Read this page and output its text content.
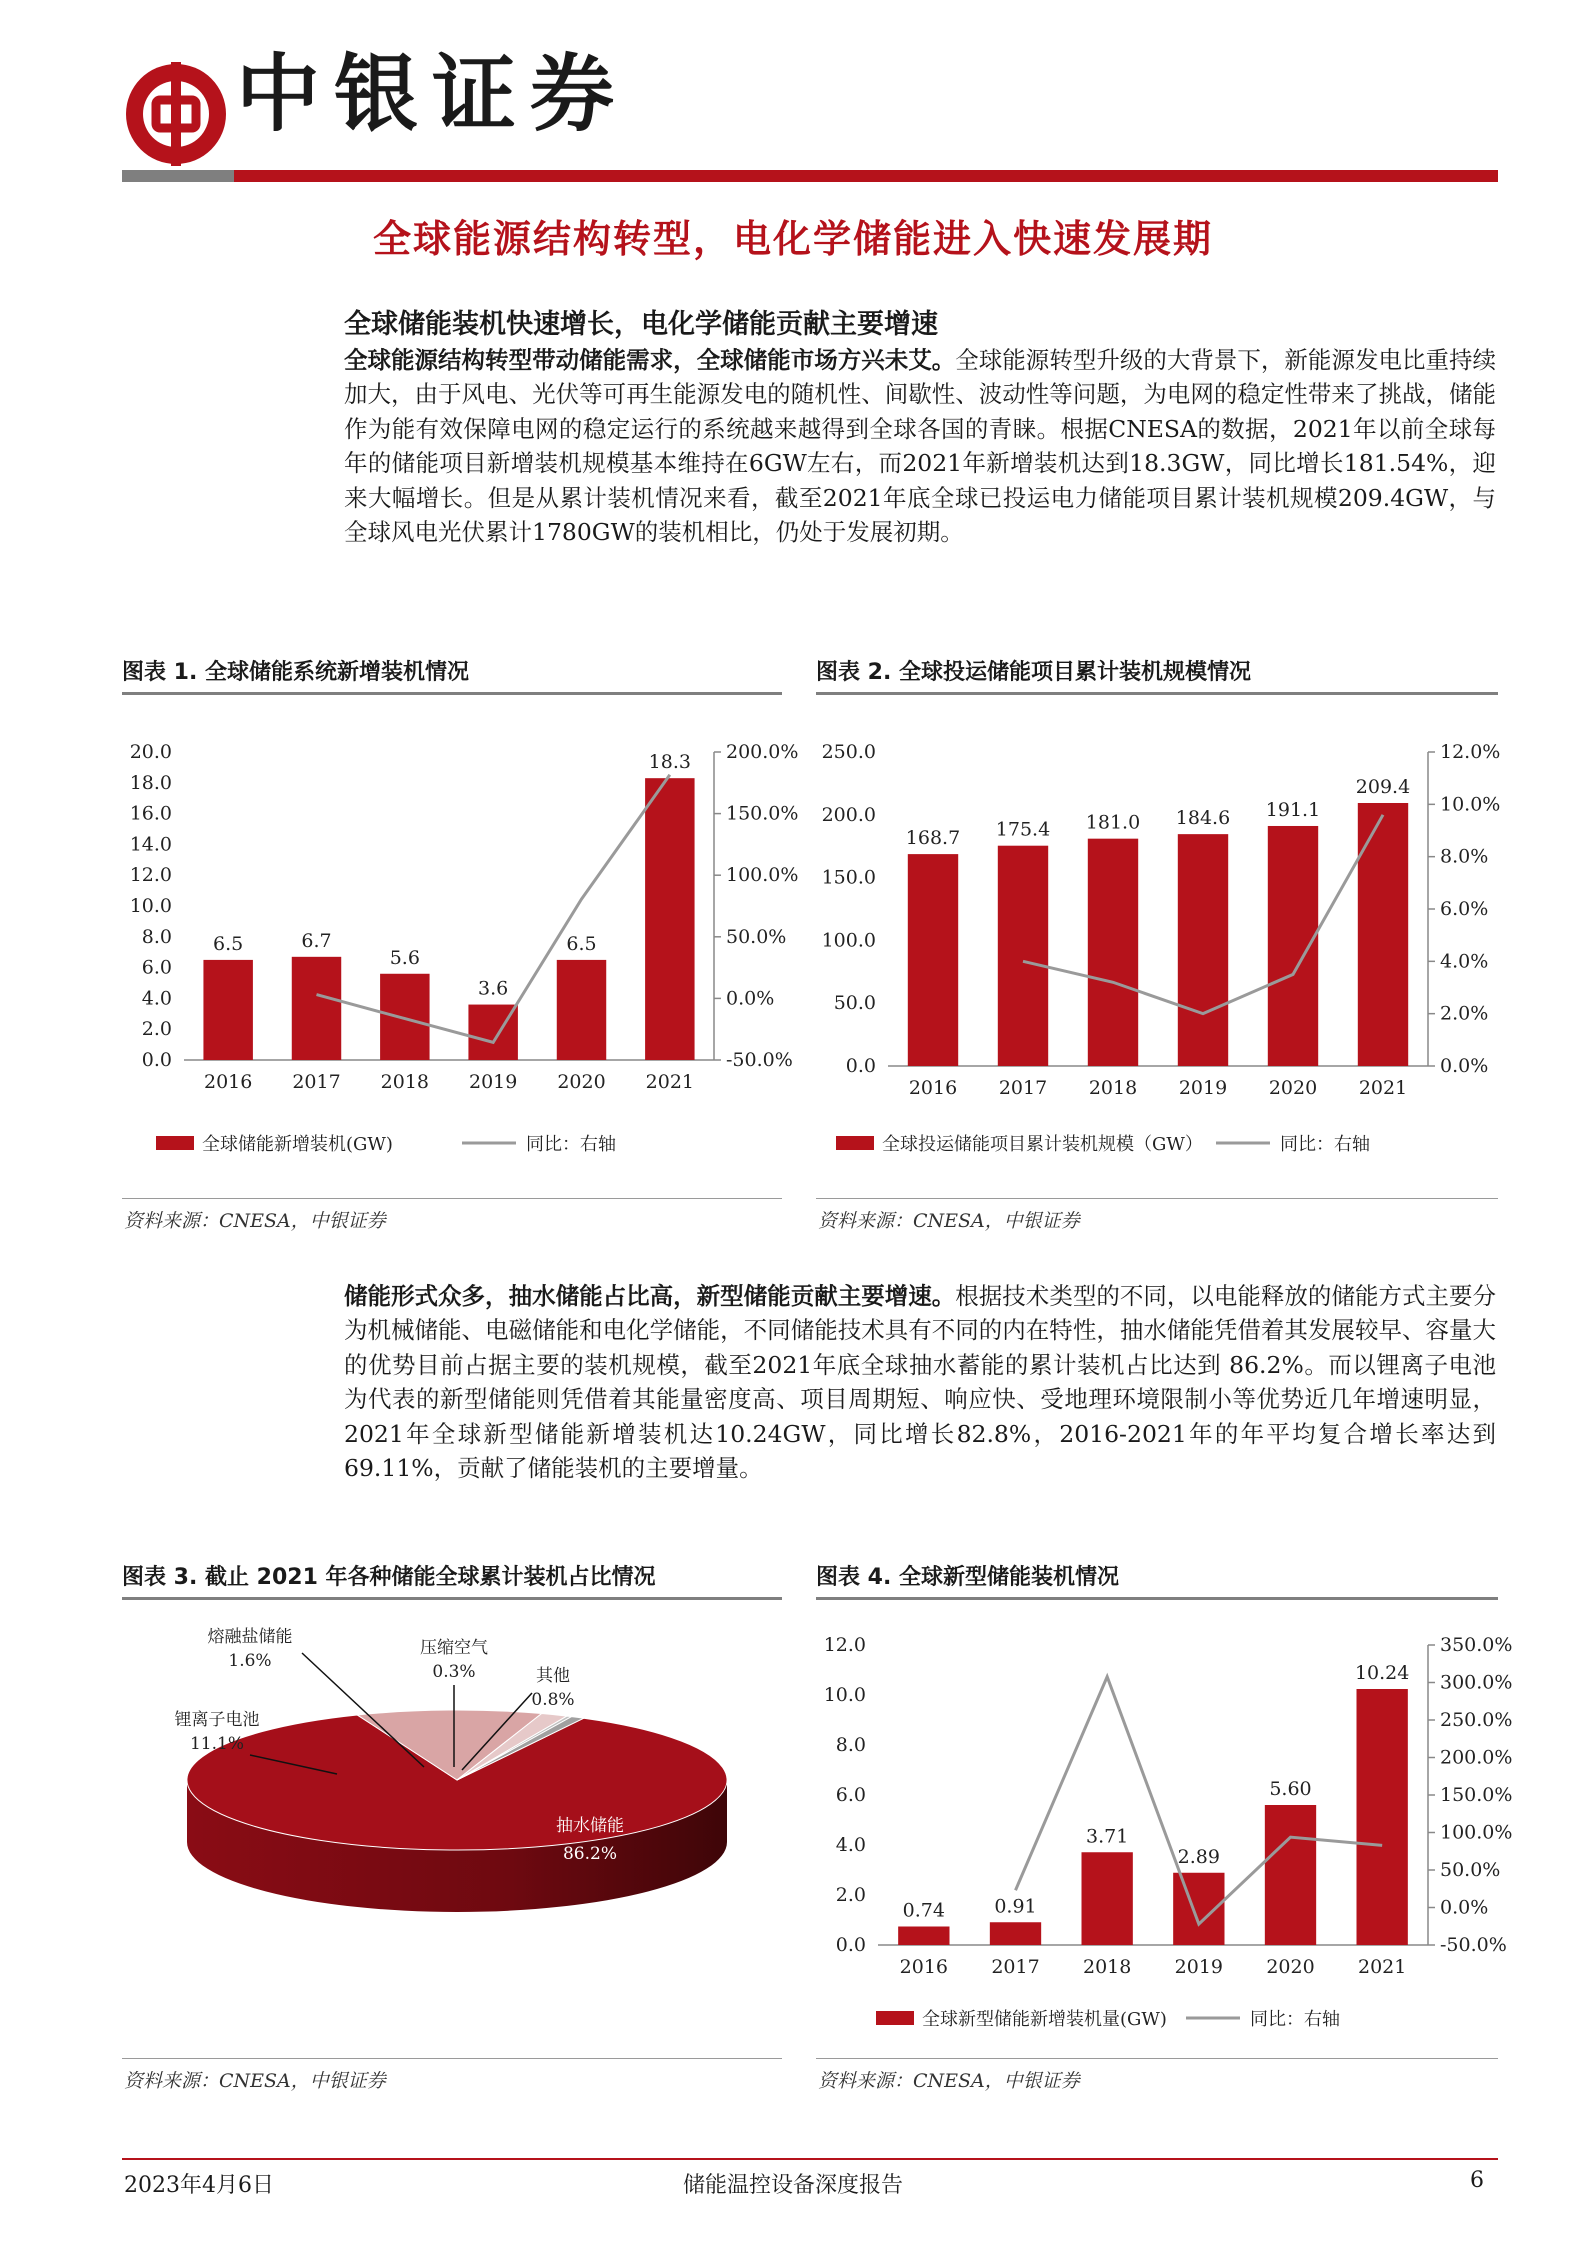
中银证券
全球能源结构转型，电化学储能进入快速发展期
全球储能装机快速增长，电化学储能贡献主要增速
全球能源结构转型带动储能需求，全球储能市场方兴未艾。全球能源转型升级的大背景下，新能源发电比重持续加大，由于风电、光伏等可再生能源发电的随机性、间歇性、波动性等问题，为电网的稳定性带来了挑战，储能作为能有效保障电网的稳定运行的系统越来越得到全球各国的青睐。根据CNESA的数据，2021年以前全球每年的储能项目新增装机规模基本维持在6GW左右，而2021年新增装机达到18.3GW，同比增长181.54%，迎来大幅增长。但是从累计装机情况来看，截至2021年底全球已投运电力储能项目累计装机规模209.4GW，与全球风电光伏累计1780GW的装机相比，仍处于发展初期。
图表 1. 全球储能系统新增装机情况	图表 2. 全球投运储能项目累计装机规模情况
0.0
2.0
4.0
6.0
8.0
10.0
12.0
14.0
16.0
18.0
20.0
-50.0%
0.0%
50.0%
100.0%
150.0%
200.0%
6.5
2016
6.7
2017
5.6
2018
3.6
2019
6.5
2020
18.3
2021
全球储能新增装机(GW)	同比：右轴
0.0
50.0
100.0
150.0
200.0
250.0
0.0%
2.0%
4.0%
6.0%
8.0%
10.0%
12.0%
168.7
2016
175.4
2017
181.0
2018
184.6
2019
191.1
2020
209.4
2021
全球投运储能项目累计装机规模（GW）	同比：右轴
资料来源：CNESA，中银证券	资料来源：CNESA，中银证券
储能形式众多，抽水储能占比高，新型储能贡献主要增速。根据技术类型的不同，以电能释放的储能方式主要分为机械储能、电磁储能和电化学储能，不同储能技术具有不同的内在特性，抽水储能凭借着其发展较早、容量大的优势目前占据主要的装机规模，截至2021年底全球抽水蓄能的累计装机占比达到 86.2%。而以锂离子电池为代表的新型储能则凭借着其能量密度高、项目周期短、响应快、受地理环境限制小等优势近几年增速明显，2021年全球新型储能新增装机达10.24GW，同比增长82.8%，2016-2021年的年平均复合增长率达到69.11%，贡献了储能装机的主要增量。
图表 3. 截止 2021 年各种储能全球累计装机占比情况	图表 4. 全球新型储能装机情况
抽水储能
86.2%
锂离子电池
11.1%
熔融盐储能
1.6%
压缩空气
0.3%	其他
0.8%
0.0
2.0
4.0
6.0
8.0
10.0
12.0
-50.0%
0.0%
50.0%
100.0%
150.0%
200.0%
250.0%
300.0%
350.0%
0.74
2016
0.91
2017
3.71
2018
2.89
2019
5.60
2020
10.24
2021
全球新型储能新增装机量(GW)	同比：右轴
资料来源：CNESA，中银证券	资料来源：CNESA，中银证券
2023年4月6日	储能温控设备深度报告	6
